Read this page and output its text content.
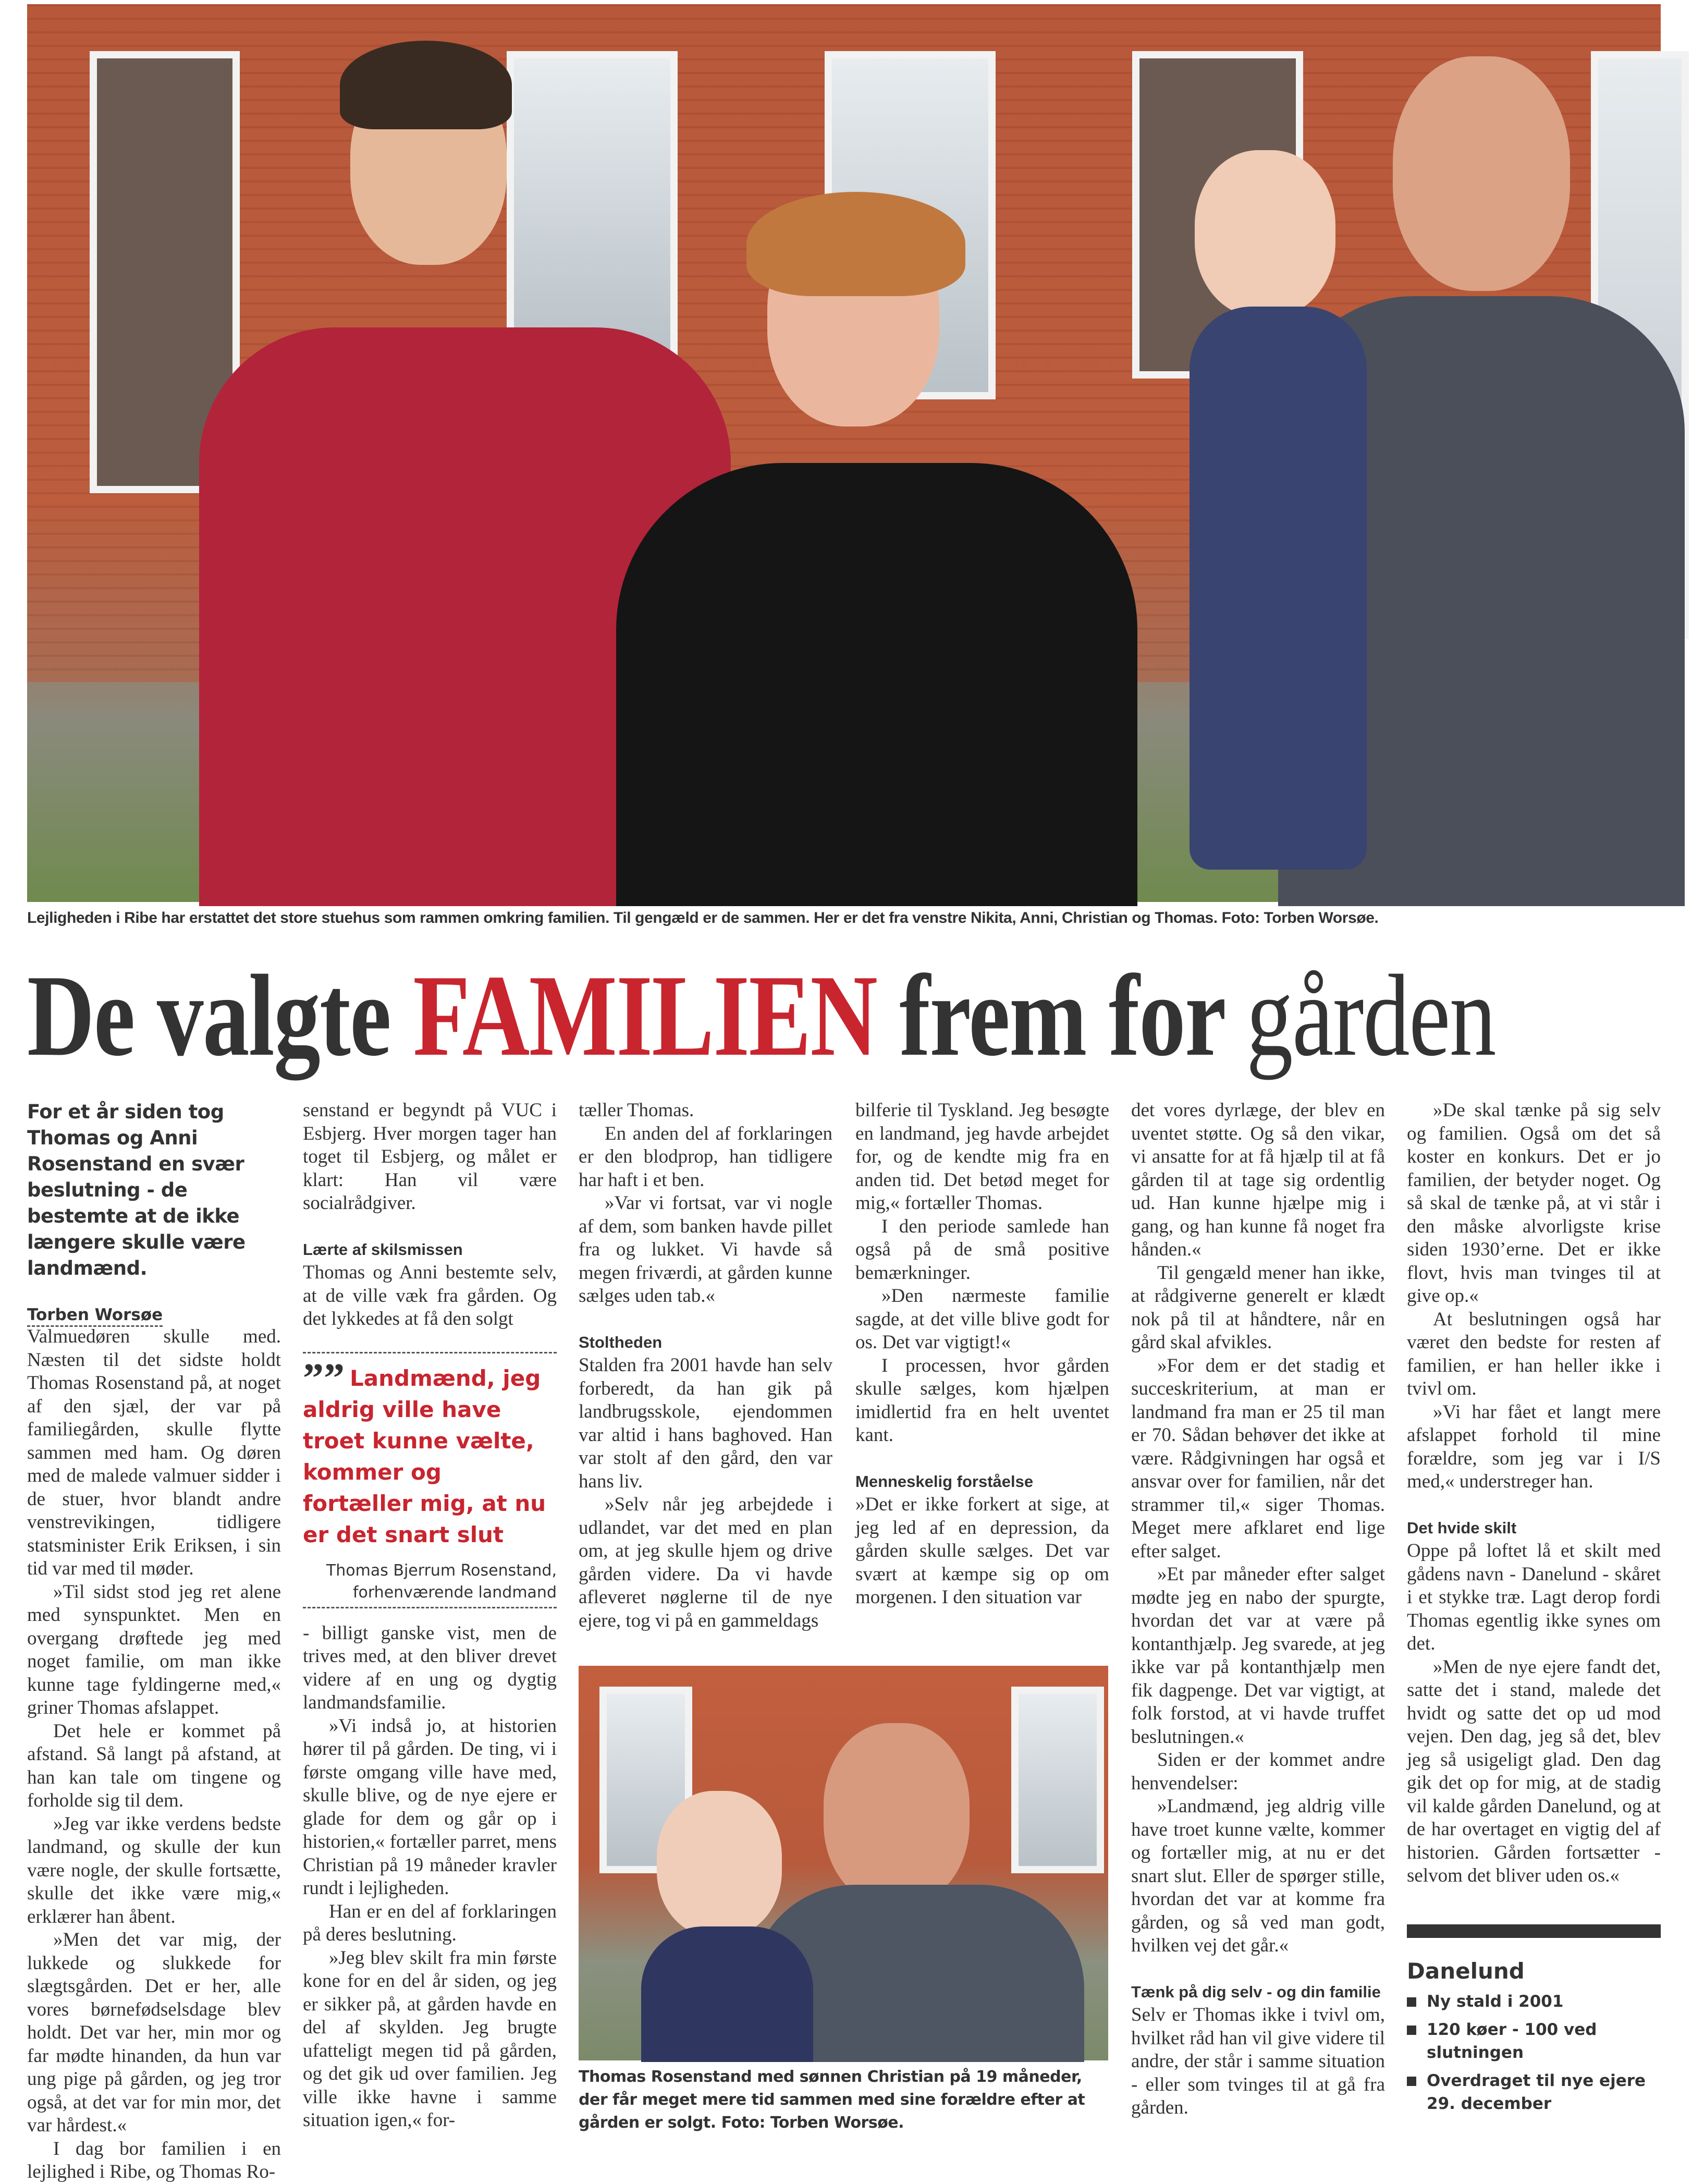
Lejligheden i Ribe har erstattet det store stuehus som rammen omkring familien. Til gengæld er de sammen. Her er det fra venstre Nikita, Anni, Christian og Thomas. Foto: Torben Worsøe.
De valgte FAMILIEN frem for gården
For et år siden tog Thomas og Anni Rosenstand en svær beslutning - de bestemte at de ikke længere skulle være landmænd.
Torben Worsøe

Valmuedøren skulle med. Næsten til det sidste holdt Thomas Rosenstand på, at noget af den sjæl, der var på familiegården, skulle flytte sammen med ham. Og døren med de malede valmuer sidder i de stuer, hvor blandt andre venstrevikingen, tidligere statsminister Erik Eriksen, i sin tid var med til møder.

»Til sidst stod jeg ret alene med synspunktet. Men en overgang drøftede jeg med noget familie, om man ikke kunne tage fyldingerne med,« griner Thomas afslappet.

Det hele er kommet på afstand. Så langt på afstand, at han kan tale om tingene og forholde sig til dem.

»Jeg var ikke verdens bedste landmand, og skulle der kun være nogle, der skulle fortsætte, skulle det ikke være mig,« erklærer han åbent.

»Men det var mig, der lukkede og slukkede for slægtsgården. Det er her, alle vores børnefødselsdage blev holdt. Det var her, min mor og far mødte hinanden, da hun var ung pige på gården, og jeg tror også, at det var for min mor, det var hårdest.«

I dag bor familien i en lejlighed i Ribe, og Thomas Ro-

senstand er begyndt på VUC i Esbjerg. Hver morgen tager han toget til Esbjerg, og målet er klart: Han vil være socialrådgiver.

Lærte af skilsmissen

Thomas og Anni bestemte selv, at de ville væk fra gården. Og det lykkedes at få den solgt

”” Landmænd, jeg aldrig ville have troet kunne vælte, kommer og fortæller mig, at nu er det snart slut
Thomas Bjerrum Rosenstand,
forhenværende landmand

- billigt ganske vist, men de trives med, at den bliver drevet videre af en ung og dygtig landmandsfamilie.

»Vi indså jo, at historien hører til på gården. De ting, vi i første omgang ville have med, skulle blive, og de nye ejere er glade for dem og går op i historien,« fortæller parret, mens Christian på 19 måneder kravler rundt i lejligheden.

Han er en del af forklaringen på deres beslutning.

»Jeg blev skilt fra min første kone for en del år siden, og jeg er sikker på, at gården havde en del af skylden. Jeg brugte ufatteligt megen tid på gården, og det gik ud over familien. Jeg ville ikke havne i samme situation igen,« for-

tæller Thomas.

En anden del af forklaringen er den blodprop, han tidligere har haft i et ben.

»Var vi fortsat, var vi nogle af dem, som banken havde pillet fra og lukket. Vi havde så megen friværdi, at gården kunne sælges uden tab.«

Stoltheden

Stalden fra 2001 havde han selv forberedt, da han gik på landbrugsskole, ejendommen var altid i hans baghoved. Han var stolt af den gård, den var hans liv.

»Selv når jeg arbejdede i udlandet, var det med en plan om, at jeg skulle hjem og drive gården videre. Da vi havde afleveret nøglerne til de nye ejere, tog vi på en gammeldags

bilferie til Tyskland. Jeg besøgte en landmand, jeg havde arbejdet for, og de kendte mig fra en anden tid. Det betød meget for mig,« fortæller Thomas.

I den periode samlede han også på de små positive bemærkninger.

»Den nærmeste familie sagde, at det ville blive godt for os. Det var vigtigt!«

I processen, hvor gården skulle sælges, kom hjælpen imidlertid fra en helt uventet kant.

Menneskelig forståelse

»Det er ikke forkert at sige, at jeg led af en depression, da gården skulle sælges. Det var svært at kæmpe sig op om morgenen. I den situation var

det vores dyrlæge, der blev en uventet støtte. Og så den vikar, vi ansatte for at få hjælp til at få gården til at tage sig ordentlig ud. Han kunne hjælpe mig i gang, og han kunne få noget fra hånden.«

Til gengæld mener han ikke, at rådgiverne generelt er klædt nok på til at håndtere, når en gård skal afvikles.

»For dem er det stadig et succeskriterium, at man er landmand fra man er 25 til man er 70. Sådan behøver det ikke at være. Rådgivningen har også et ansvar over for familien, når det strammer til,« siger Thomas. Meget mere afklaret end lige efter salget.

»Et par måneder efter salget mødte jeg en nabo der spurgte, hvordan det var at være på kontanthjælp. Jeg svarede, at jeg ikke var på kontanthjælp men fik dagpenge. Det var vigtigt, at folk forstod, at vi havde truffet beslutningen.«

Siden er der kommet andre henvendelser:

»Landmænd, jeg aldrig ville have troet kunne vælte, kommer og fortæller mig, at nu er det snart slut. Eller de spørger stille, hvordan det var at komme fra gården, og så ved man godt, hvilken vej det går.«

Tænk på dig selv - og din familie

Selv er Thomas ikke i tvivl om, hvilket råd han vil give videre til andre, der står i samme situation - eller som tvinges til at gå fra gården.

»De skal tænke på sig selv og familien. Også om det så koster en konkurs. Det er jo familien, der betyder noget. Og så skal de tænke på, at vi står i den måske alvorligste krise siden 1930’erne. Det er ikke flovt, hvis man tvinges til at give op.«

At beslutningen også har været den bedste for resten af familien, er han heller ikke i tvivl om.

»Vi har fået et langt mere afslappet forhold til mine forældre, som jeg var i I/S med,« understreger han.

Det hvide skilt

Oppe på loftet lå et skilt med gådens navn - Danelund - skåret i et stykke træ. Lagt derop fordi Thomas egentlig ikke synes om det.

»Men de nye ejere fandt det, satte det i stand, malede det hvidt og satte det op ud mod vejen. Den dag, jeg så det, blev jeg så usigeligt glad. Den dag gik det op for mig, at de stadig vil kalde gården Danelund, og at de har overtaget en vigtig del af historien. Gården fortsætter - selvom det bliver uden os.«

Danelund
Ny stald i 2001
120 køer - 100 ved slutningen
Overdraget til nye ejere 29. december
Thomas Rosenstand med sønnen Christian på 19 måneder, der får meget mere tid sammen med sine forældre efter at gården er solgt. Foto: Torben Worsøe.
